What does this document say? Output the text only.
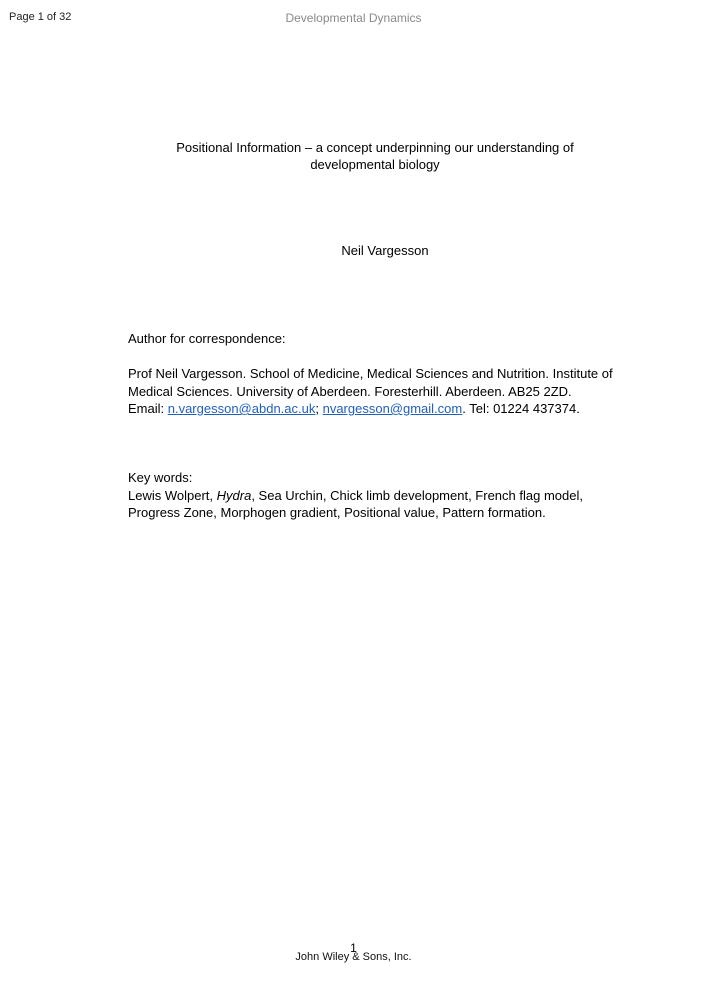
Page 1 of 32	Developmental Dynamics
Positional Information – a concept underpinning our understanding of
developmental biology
Neil Vargesson
Author for correspondence:
Prof Neil Vargesson. School of Medicine, Medical Sciences and Nutrition. Institute of
Medical Sciences. University of Aberdeen. Foresterhill. Aberdeen. AB25 2ZD.
Email: n.vargesson@abdn.ac.uk; nvargesson@gmail.com. Tel: 01224 437374.
Key words:
Lewis Wolpert, Hydra, Sea Urchin, Chick limb development, French flag model,
Progress Zone, Morphogen gradient, Positional value, Pattern formation.
1
John Wiley & Sons, Inc.
